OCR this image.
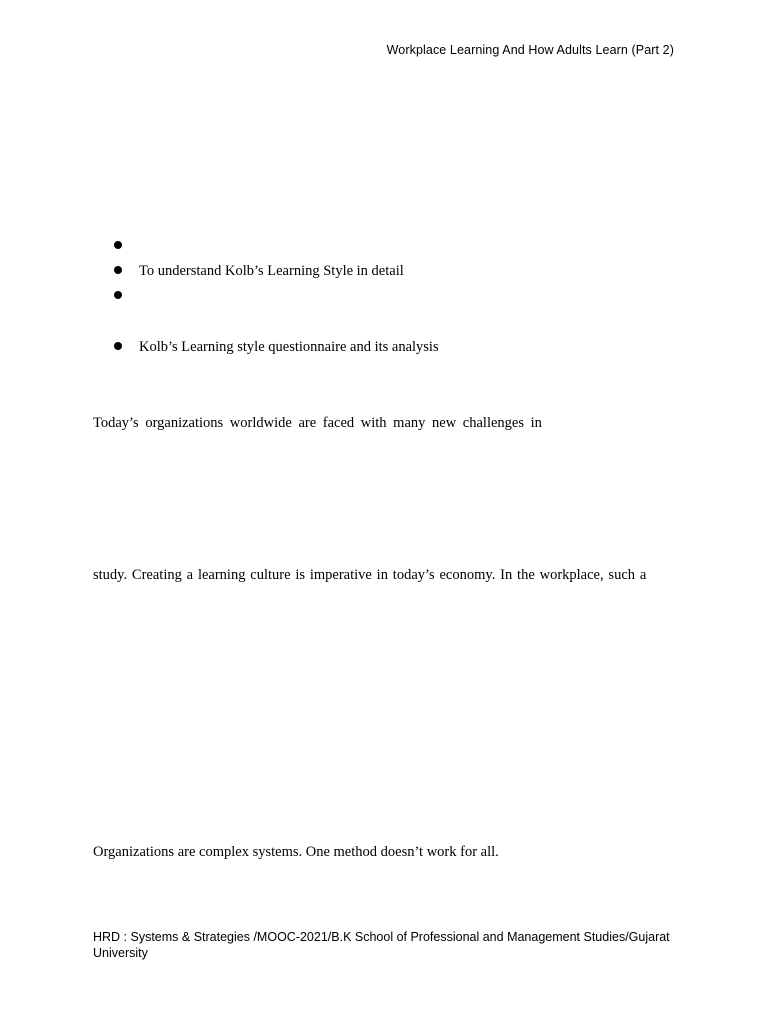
Workplace Learning And How Adults Learn (Part 2)
To understand Kolb’s Learning Style in detail
Kolb’s Learning style questionnaire and its analysis
Today’s organizations worldwide are faced with many new challenges in
study. Creating a learning culture is imperative in today’s economy. In the workplace, such a
Organizations are complex systems. One method doesn’t work for all.
HRD : Systems & Strategies /MOOC-2021/B.K School of Professional and Management Studies/Gujarat University
